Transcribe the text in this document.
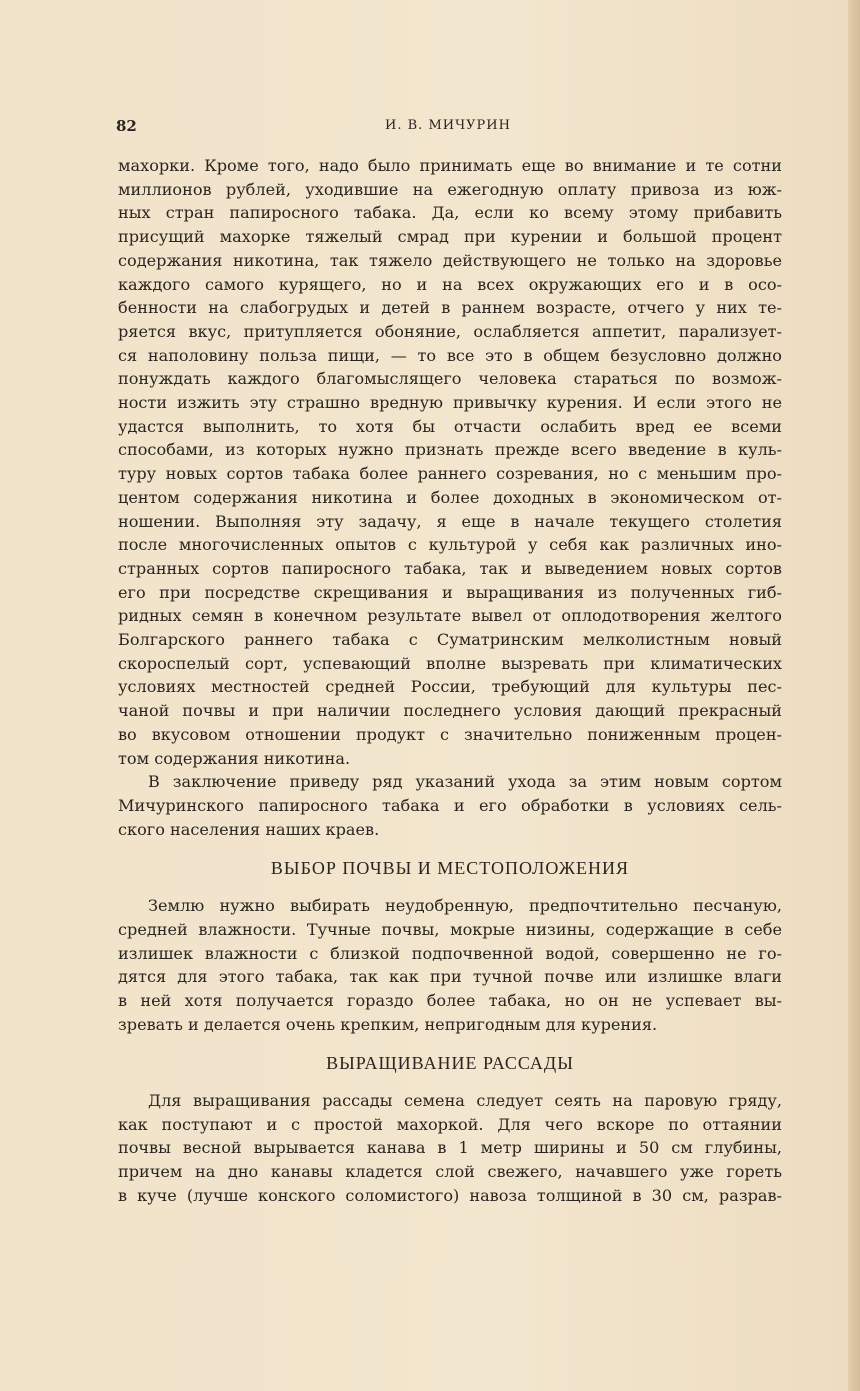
82	И. В. МИЧУРИН

махорки. Кроме того, надо было принимать еще во внимание и те сотни

миллионов рублей, уходившие на ежегодную оплату привоза из юж-

ных стран папиросного табака. Да, если ко всему этому прибавить

присущий махорке тяжелый смрад при курении и большой процент

содержания никотина, так тяжело действующего не только на здоровье

каждого самого курящего, но и на всех окружающих его и в осо-

бенности на слабогрудых и детей в раннем возрасте, отчего у них те-

ряется вкус, притупляется обоняние, ослабляется аппетит, парализует-

ся наполовину польза пищи, — то все это в общем безусловно должно

понуждать каждого благомыслящего человека стараться по возмож-

ности изжить эту страшно вредную привычку курения. И если этого не

удастся выполнить, то хотя бы отчасти ослабить вред ее всеми

способами, из которых нужно признать прежде всего введение в куль-

туру новых сортов табака более раннего созревания, но с меньшим про-

центом содержания никотина и более доходных в экономическом от-

ношении. Выполняя эту задачу, я еще в начале текущего столетия

после многочисленных опытов с культурой у себя как различных ино-

странных сортов папиросного табака, так и выведением новых сортов

его при посредстве скрещивания и выращивания из полученных гиб-

ридных семян в конечном результате вывел от оплодотворения желтого

Болгарского раннего табака с Суматринским мелколистным новый

скороспелый сорт, успевающий вполне вызревать при климатических

условиях местностей средней России, требующий для культуры пес-

чаной почвы и при наличии последнего условия дающий прекрасный

во вкусовом отношении продукт с значительно пониженным процен-

том содержания никотина.

В заключение приведу ряд указаний ухода за этим новым сортом

Мичуринского папиросного табака и его обработки в условиях сель-

ского населения наших краев.

ВЫБОР ПОЧВЫ И МЕСТОПОЛОЖЕНИЯ

Землю нужно выбирать неудобренную, предпочтительно песчаную,

средней влажности. Тучные почвы, мокрые низины, содержащие в себе

излишек влажности с близкой подпочвенной водой, совершенно не го-

дятся для этого табака, так как при тучной почве или излишке влаги

в ней хотя получается гораздо более табака, но он не успевает вы-

зревать и делается очень крепким, непригодным для курения.

ВЫРАЩИВАНИЕ РАССАДЫ

Для выращивания рассады семена следует сеять на паровую гряду,

как поступают и с простой махоркой. Для чего вскоре по оттаянии

почвы весной вырывается канава в 1 метр ширины и 50 см глубины,

причем на дно канавы кладется слой свежего, начавшего уже гореть

в куче (лучше конского соломистого) навоза толщиной в 30 см, разрав-
